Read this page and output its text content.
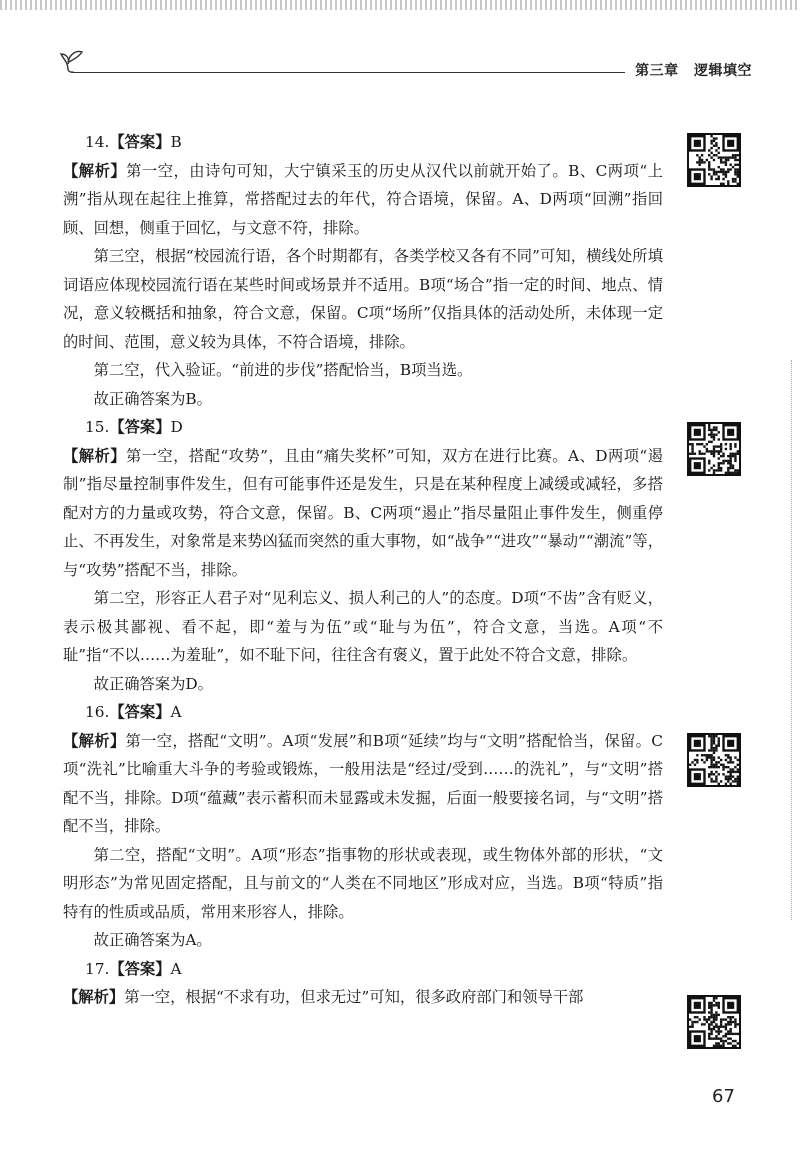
第三章 逻辑填空

14.【答案】B

【解析】第一空，由诗句可知，大宁镇采玉的历史从汉代以前就开始了。B、C两项“上溯”指从现在起往上推算，常搭配过去的年代，符合语境，保留。A、D两项“回溯”指回顾、回想，侧重于回忆，与文意不符，排除。

第三空，根据“校园流行语，各个时期都有，各类学校又各有不同”可知，横线处所填词语应体现校园流行语在某些时间或场景并不适用。B项“场合”指一定的时间、地点、情况，意义较概括和抽象，符合文意，保留。C项“场所”仅指具体的活动处所，未体现一定的时间、范围，意义较为具体，不符合语境，排除。

第二空，代入验证。“前进的步伐”搭配恰当，B项当选。

故正确答案为B。

15.【答案】D

【解析】第一空，搭配“攻势”，且由“痛失奖杯”可知，双方在进行比赛。A、D两项“遏制”指尽量控制事件发生，但有可能事件还是发生，只是在某种程度上减缓或减轻，多搭配对方的力量或攻势，符合文意，保留。B、C两项“遏止”指尽量阻止事件发生，侧重停止、不再发生，对象常是来势凶猛而突然的重大事物，如“战争”“进攻”“暴动”“潮流”等，与“攻势”搭配不当，排除。

第二空，形容正人君子对“见利忘义、损人利己的人”的态度。D项“不齿”含有贬义，表示极其鄙视、看不起，即“羞与为伍”或“耻与为伍”，符合文意，当选。A项“不耻”指“不以……为羞耻”，如不耻下问，往往含有褒义，置于此处不符合文意，排除。

故正确答案为D。

16.【答案】A

【解析】第一空，搭配“文明”。A项“发展”和B项“延续”均与“文明”搭配恰当，保留。C项“洗礼”比喻重大斗争的考验或锻炼，一般用法是“经过/受到……的洗礼”，与“文明”搭配不当，排除。D项“蕴藏”表示蓄积而未显露或未发掘，后面一般要接名词，与“文明”搭配不当，排除。

第二空，搭配“文明”。A项“形态”指事物的形状或表现，或生物体外部的形状，“文明形态”为常见固定搭配，且与前文的“人类在不同地区”形成对应，当选。B项“特质”指特有的性质或品质，常用来形容人，排除。

故正确答案为A。

17.【答案】A

【解析】第一空，根据“不求有功，但求无过”可知，很多政府部门和领导干部

67
